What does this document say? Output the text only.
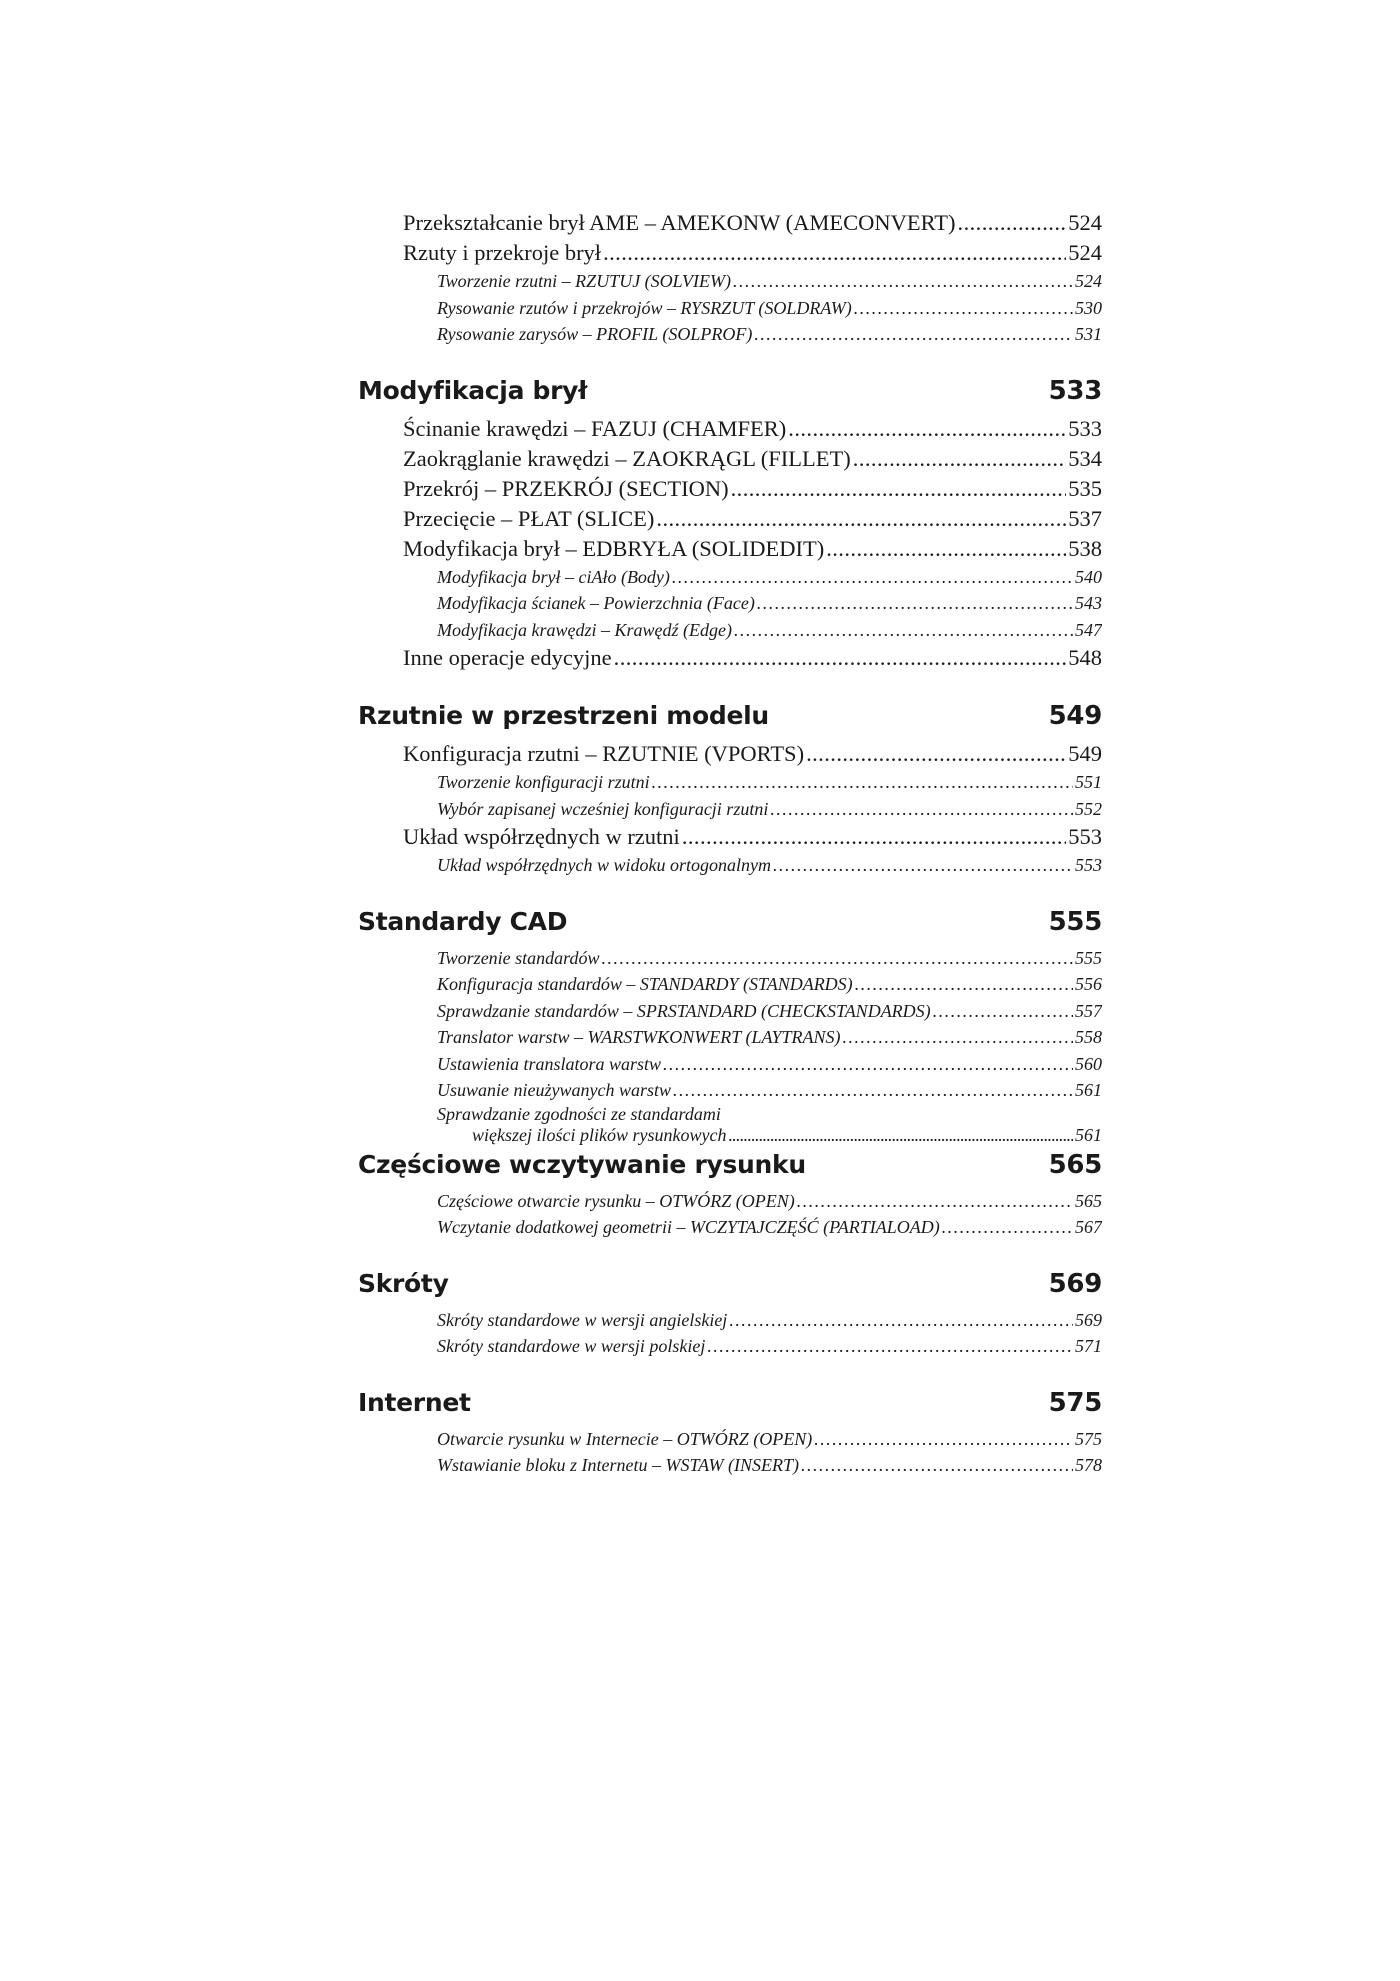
Przekształcanie brył AME – AMEKONW (AMECONVERT) . . .	524
Rzuty i przekroje brył . . .	524
Tworzenie rzutni – RZUTUJ (SOLVIEW) . . .	524
Rysowanie rzutów i przekrojów – RYSRZUT (SOLDRAW) . . .	530
Rysowanie zarysów – PROFIL (SOLPROF) . . .	531
Modyfikacja brył	533
Ścinanie krawędzi – FAZUJ (CHAMFER) . . .	533
Zaokrąglanie krawędzi – ZAOKRĄGL (FILLET) . . .	534
Przekrój – PRZEKRÓJ (SECTION) . . .	535
Przecięcie – PŁAT (SLICE) . . .	537
Modyfikacja brył – EDBRYŁA (SOLIDEDIT) . . .	538
Modyfikacja brył – ciAło (Body) . . .	540
Modyfikacja ścianek – Powierzchnia (Face) . . .	543
Modyfikacja krawędzi – Krawędź (Edge) . . .	547
Inne operacje edycyjne . . .	548
Rzutnie w przestrzeni modelu	549
Konfiguracja rzutni – RZUTNIE (VPORTS) . . .	549
Tworzenie konfiguracji rzutni . . .	551
Wybór zapisanej wcześniej konfiguracji rzutni . . .	552
Układ współrzędnych w rzutni . . .	553
Układ współrzędnych w widoku ortogonalnym . . .	553
Standardy CAD	555
Tworzenie standardów . . .	555
Konfiguracja standardów – STANDARDY (STANDARDS) . . .	556
Sprawdzanie standardów – SPRSTANDARD (CHECKSTANDARDS) . . .	557
Translator warstw – WARSTWKONWERT (LAYTRANS) . . .	558
Ustawienia translatora warstw . . .	560
Usuwanie nieużywanych warstw . . .	561
Sprawdzanie zgodności ze standardami
większej ilości plików rysunkowych . . .	561
Częściowe wczytywanie rysunku	565
Częściowe otwarcie rysunku – OTWÓRZ (OPEN) . . .	565
Wczytanie dodatkowej geometrii – WCZYTAJCZĘŚĆ (PARTIALOAD) . . .	567
Skróty	569
Skróty standardowe w wersji angielskiej . . .	569
Skróty standardowe w wersji polskiej . . .	571
Internet	575
Otwarcie rysunku w Internecie – OTWÓRZ (OPEN) . . .	575
Wstawianie bloku z Internetu – WSTAW (INSERT) . . .	578
